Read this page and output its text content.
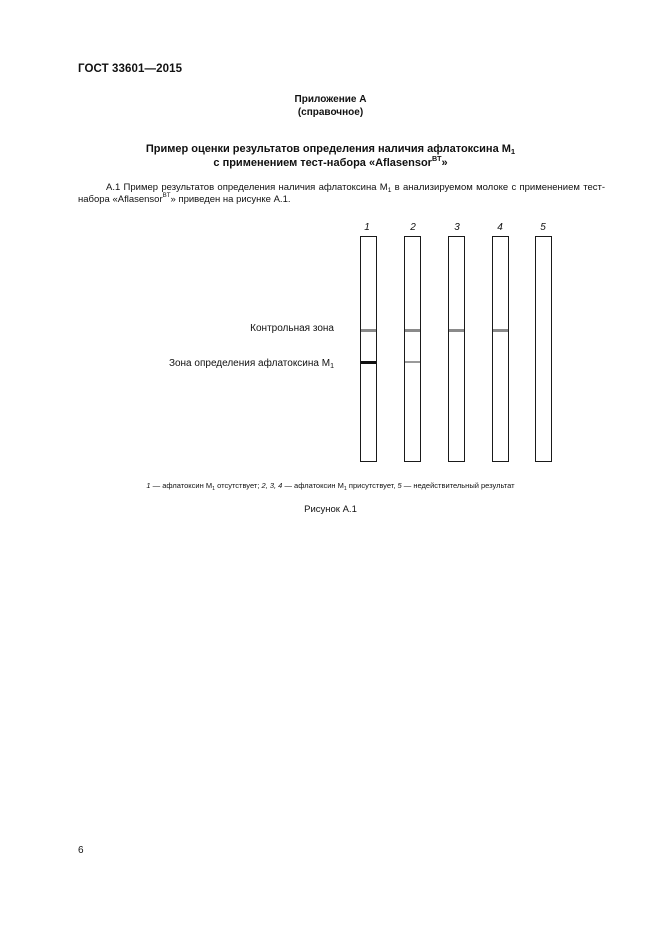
ГОСТ 33601—2015
Приложение А
(справочное)
Пример оценки результатов определения наличия афлатоксина $М_1$
с применением тест-набора «Aflasensor$^{BT}$»
А.1 Пример результатов определения наличия афлатоксина $М_1$ в анализируемом молоке с применением тест-набора «Aflasensor$^{BT}$» приведен на рисунке А.1.
1	2	3	4	5
Контрольная зона
Зона определения афлатоксина $М_1$
1 — афлатоксин $М_1$ отсутствует; 2, 3, 4 — афлатоксин $М_1$ присутствует, 5 — недействительный результат
Рисунок А.1
6
